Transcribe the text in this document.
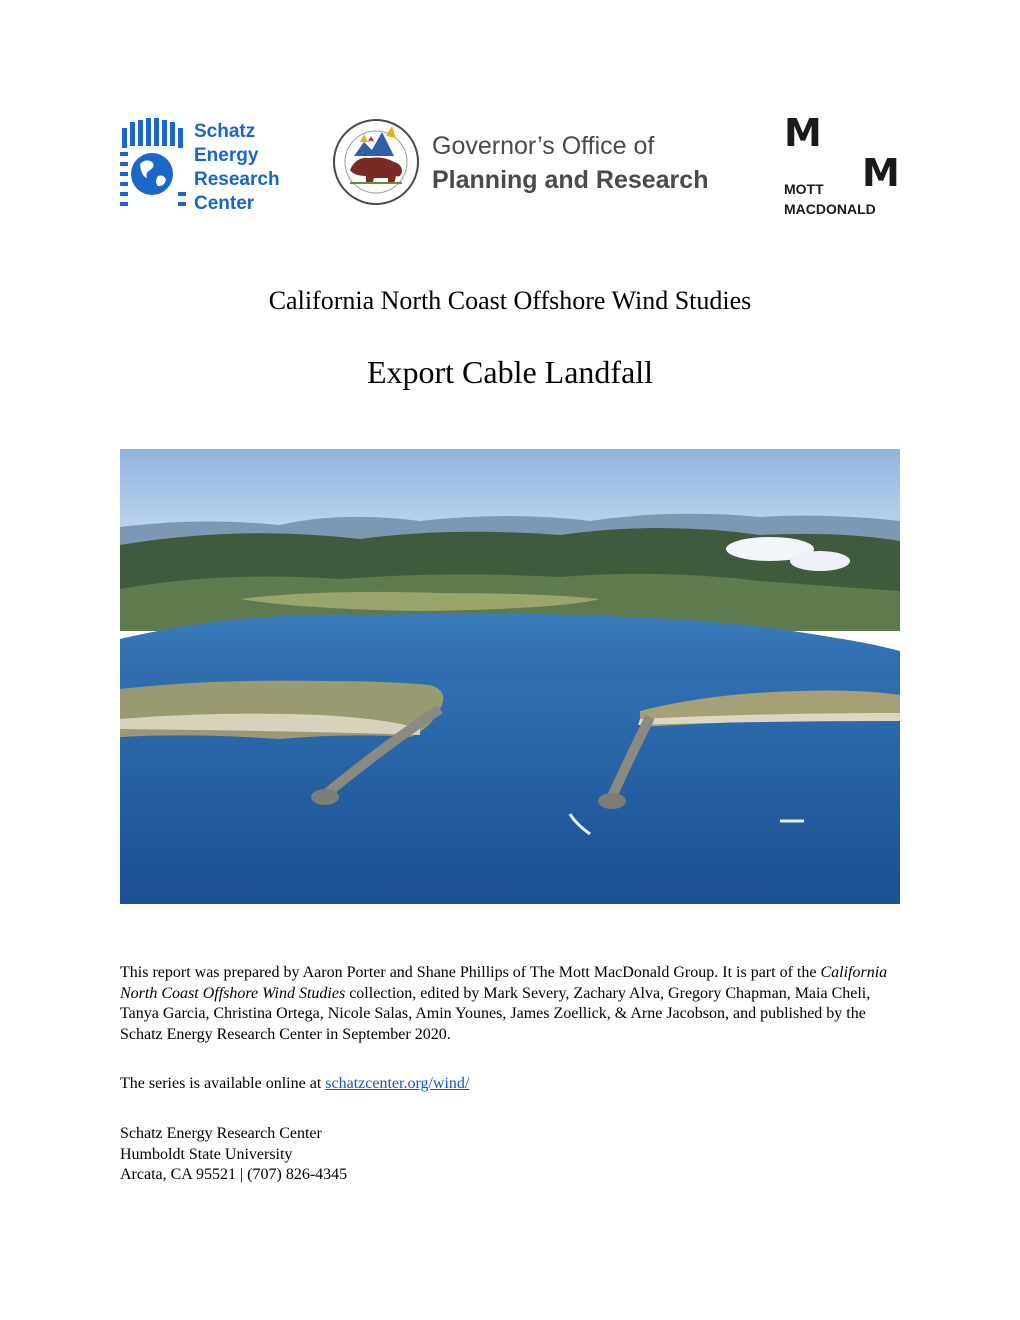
Schatz
Energy
Research
Center
Governor’s Office of
Planning and Research
M
M
MOTT
MACDONALD
California North Coast Offshore Wind Studies
Export Cable Landfall
This report was prepared by Aaron Porter and Shane Phillips of The Mott MacDonald Group. It is part of the California North Coast Offshore Wind Studies collection, edited by Mark Severy, Zachary Alva, Gregory Chapman, Maia Cheli, Tanya Garcia, Christina Ortega, Nicole Salas, Amin Younes, James Zoellick, & Arne Jacobson, and published by the Schatz Energy Research Center in September 2020.
The series is available online at schatzcenter.org/wind/
Schatz Energy Research Center
Humboldt State University
Arcata, CA 95521 | (707) 826-4345
